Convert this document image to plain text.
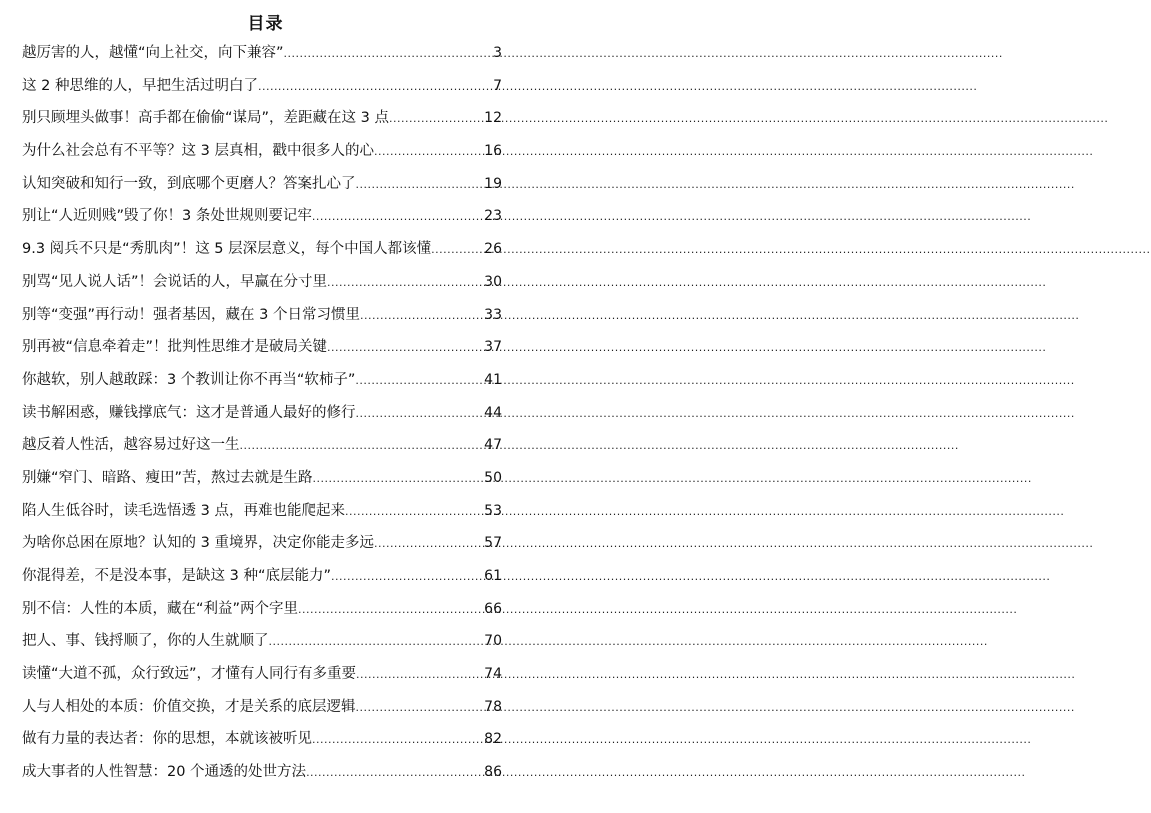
目录
越厉害的人，越懂“向上社交，向下兼容” .....	3
这 2 种思维的人，早把生活过明白了 .....	7
别只顾埋头做事！高手都在偷偷“谋局”，差距藏在这 3 点 .....	12
为什么社会总有不平等？这 3 层真相，戳中很多人的心 .....	16
认知突破和知行一致，到底哪个更磨人？答案扎心了 .....	19
别让“人近则贱”毁了你！3 条处世规则要记牢 .....	23
9.3 阅兵不只是“秀肌肉”！这 5 层深层意义，每个中国人都该懂 .....	26
别骂“见人说人话”！会说话的人，早赢在分寸里 .....	30
别等“变强”再行动！强者基因，藏在 3 个日常习惯里 .....	33
别再被“信息牵着走”！批判性思维才是破局关键 .....	37
你越软，别人越敢踩：3 个教训让你不再当“软柿子” .....	41
读书解困惑，赚钱撑底气：这才是普通人最好的修行 .....	44
越反着人性活，越容易过好这一生 .....	47
别嫌“窄门、暗路、瘦田”苦，熬过去就是生路 .....	50
陷人生低谷时，读毛选悟透 3 点，再难也能爬起来 .....	53
为啥你总困在原地？认知的 3 重境界，决定你能走多远 .....	57
你混得差，不是没本事，是缺这 3 种“底层能力” .....	61
别不信：人性的本质，藏在“利益”两个字里 .....	66
把人、事、钱捋顺了，你的人生就顺了 .....	70
读懂“大道不孤，众行致远”，才懂有人同行有多重要 .....	74
人与人相处的本质：价值交换，才是关系的底层逻辑 .....	78
做有力量的表达者：你的思想，本就该被听见 .....	82
成大事者的人性智慧：20 个通透的处世方法 .....	86
